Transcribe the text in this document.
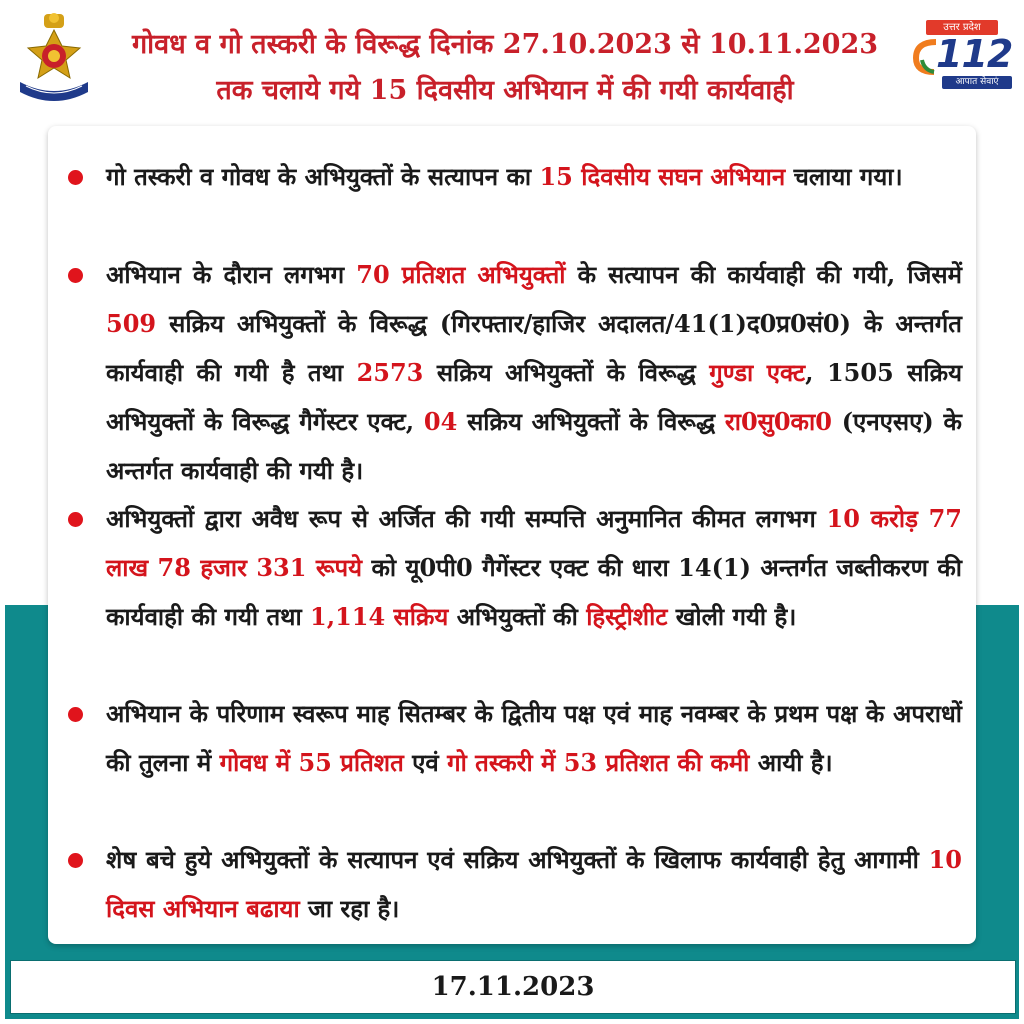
उत्तर प्रदेश
112
आपात सेवाएं
गोवध व गो तस्करी के विरूद्ध दिनांक 27.10.2023 से 10.11.2023
तक चलाये गये 15 दिवसीय अभियान में की गयी कार्यवाही
गो तस्करी व गोवध के अभियुक्तों के सत्यापन का 15 दिवसीय सघन अभियान चलाया गया।
अभियान के दौरान लगभग 70 प्रतिशत अभियुक्तों के सत्यापन की कार्यवाही की गयी, जिसमें 509 सक्रिय अभियुक्तों के विरूद्ध (गिरफ्तार/हाजिर अदालत/41(1)द0प्र0सं0) के अन्तर्गत कार्यवाही की गयी है तथा 2573 सक्रिय अभियुक्तों के विरूद्ध गुण्डा एक्ट, 1505 सक्रिय अभियुक्तों के विरूद्ध गैगेंस्टर एक्ट, 04 सक्रिय अभियुक्तों के विरूद्ध रा0सु0का0 (एनएसए) के अन्तर्गत कार्यवाही की गयी है।
अभियुक्तों द्वारा अवैध रूप से अर्जित की गयी सम्पत्ति अनुमानित कीमत लगभग 10 करोड़ 77 लाख 78 हजार 331 रूपये को यू0पी0 गैगेंस्टर एक्ट की धारा 14(1) अन्तर्गत जब्तीकरण की कार्यवाही की गयी तथा 1,114 सक्रिय अभियुक्तों की हिस्ट्रीशीट खोली गयी है।
अभियान के परिणाम स्वरूप माह सितम्बर के द्वितीय पक्ष एवं माह नवम्बर के प्रथम पक्ष के अपराधों की तुलना में गोवध में 55 प्रतिशत एवं गो तस्करी में 53 प्रतिशत की कमी आयी है।
शेष बचे हुये अभियुक्तों के सत्यापन एवं सक्रिय अभियुक्तों के खिलाफ कार्यवाही हेतु आगामी 10 दिवस अभियान बढाया जा रहा है।
17.11.2023
